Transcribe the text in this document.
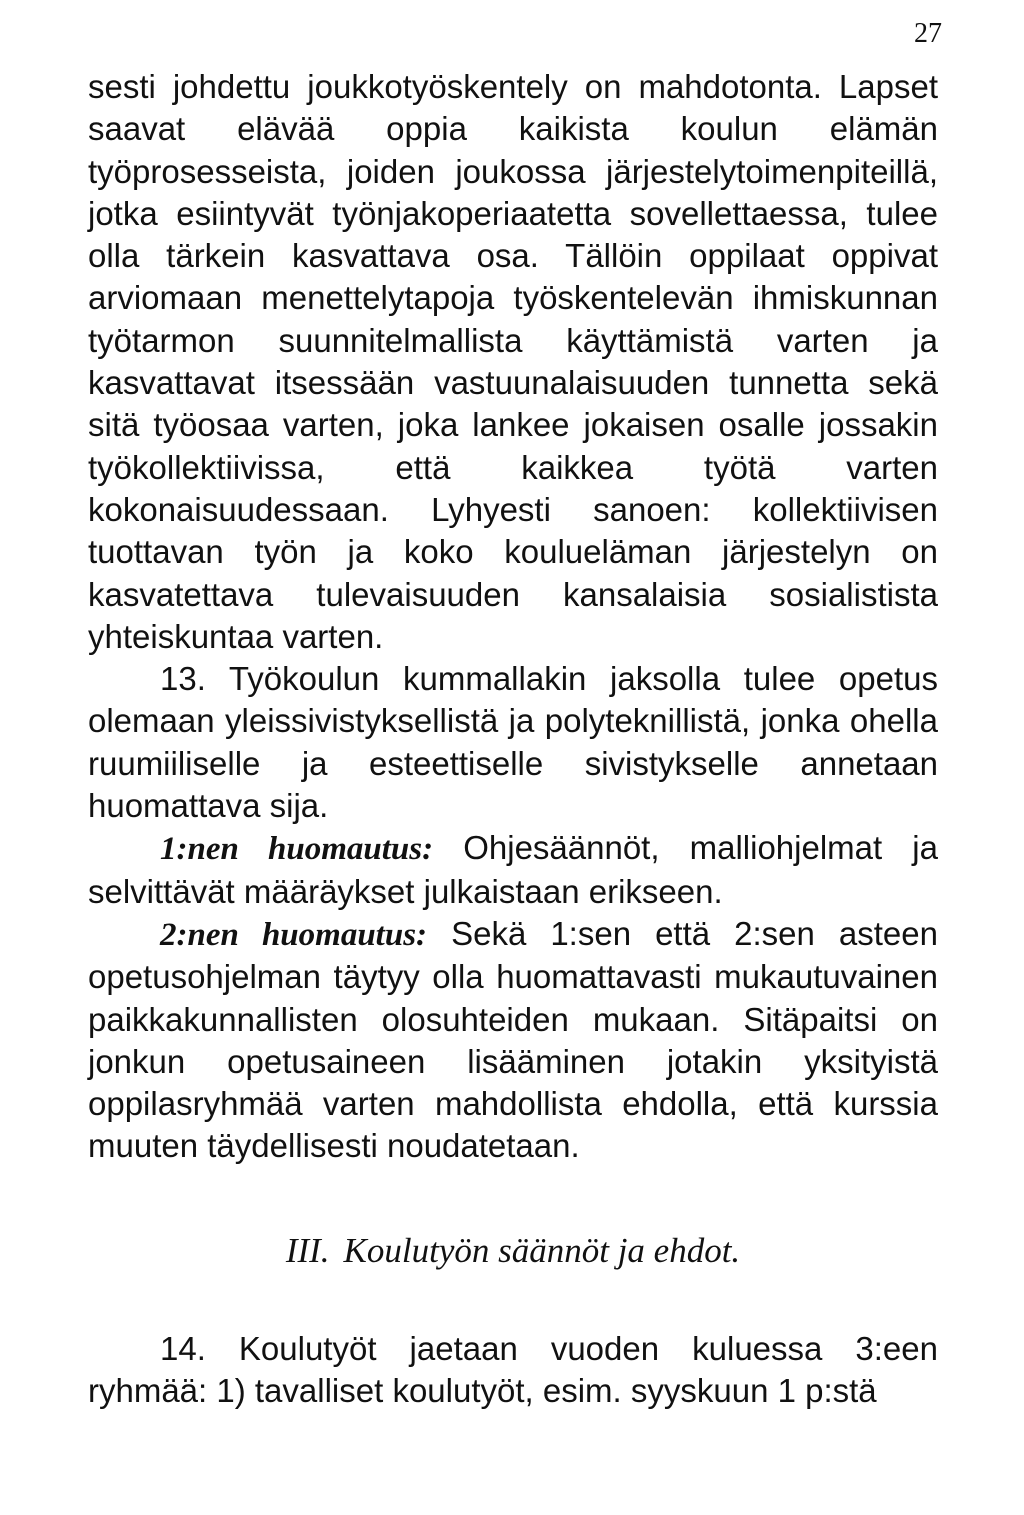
27

sesti johdettu joukkotyöskentely on mahdotonta. Lapset saavat elävää oppia kaikista koulun elämän työprosesseista, joiden joukossa järjestelytoimenpiteillä, jotka esiintyvät työnjakoperiaatetta sovellettaessa, tulee olla tärkein kasvattava osa. Tällöin oppilaat oppivat arviomaan menettelytapoja työskentelevän ihmiskunnan työtarmon suunnitelmallista käyttämistä varten ja kasvattavat itsessään vastuunalaisuuden tunnetta sekä sitä työosaa varten, joka lankee jokaisen osalle jossakin työkollektiivissa, että kaikkea työtä varten kokonaisuudessaan. Lyhyesti sanoen: kollektiivisen tuottavan työn ja koko koulueläman järjestelyn on kasvatettava tulevaisuuden kansalaisia sosialistista yhteiskuntaa varten.

13. Työkoulun kummallakin jaksolla tulee opetus olemaan yleissivistyksellistä ja polyteknillistä, jonka ohella ruumiiliselle ja esteettiselle sivistykselle annetaan huomattava sija.

1:nen huomautus: Ohjesäännöt, malliohjelmat ja selvittävät määräykset julkaistaan erikseen.

2:nen huomautus: Sekä 1:sen että 2:sen asteen opetusohjelman täytyy olla huomattavasti mukautuvainen paikkakunnallisten olosuhteiden mukaan. Sitäpaitsi on jonkun opetusaineen lisääminen jotakin yksityistä oppilasryhmää varten mahdollista ehdolla, että kurssia muuten täydellisesti noudatetaan.

III. Koulutyön säännöt ja ehdot.

14. Koulutyöt jaetaan vuoden kuluessa 3:een ryhmää: 1) tavalliset koulutyöt, esim. syyskuun 1 p:stä
